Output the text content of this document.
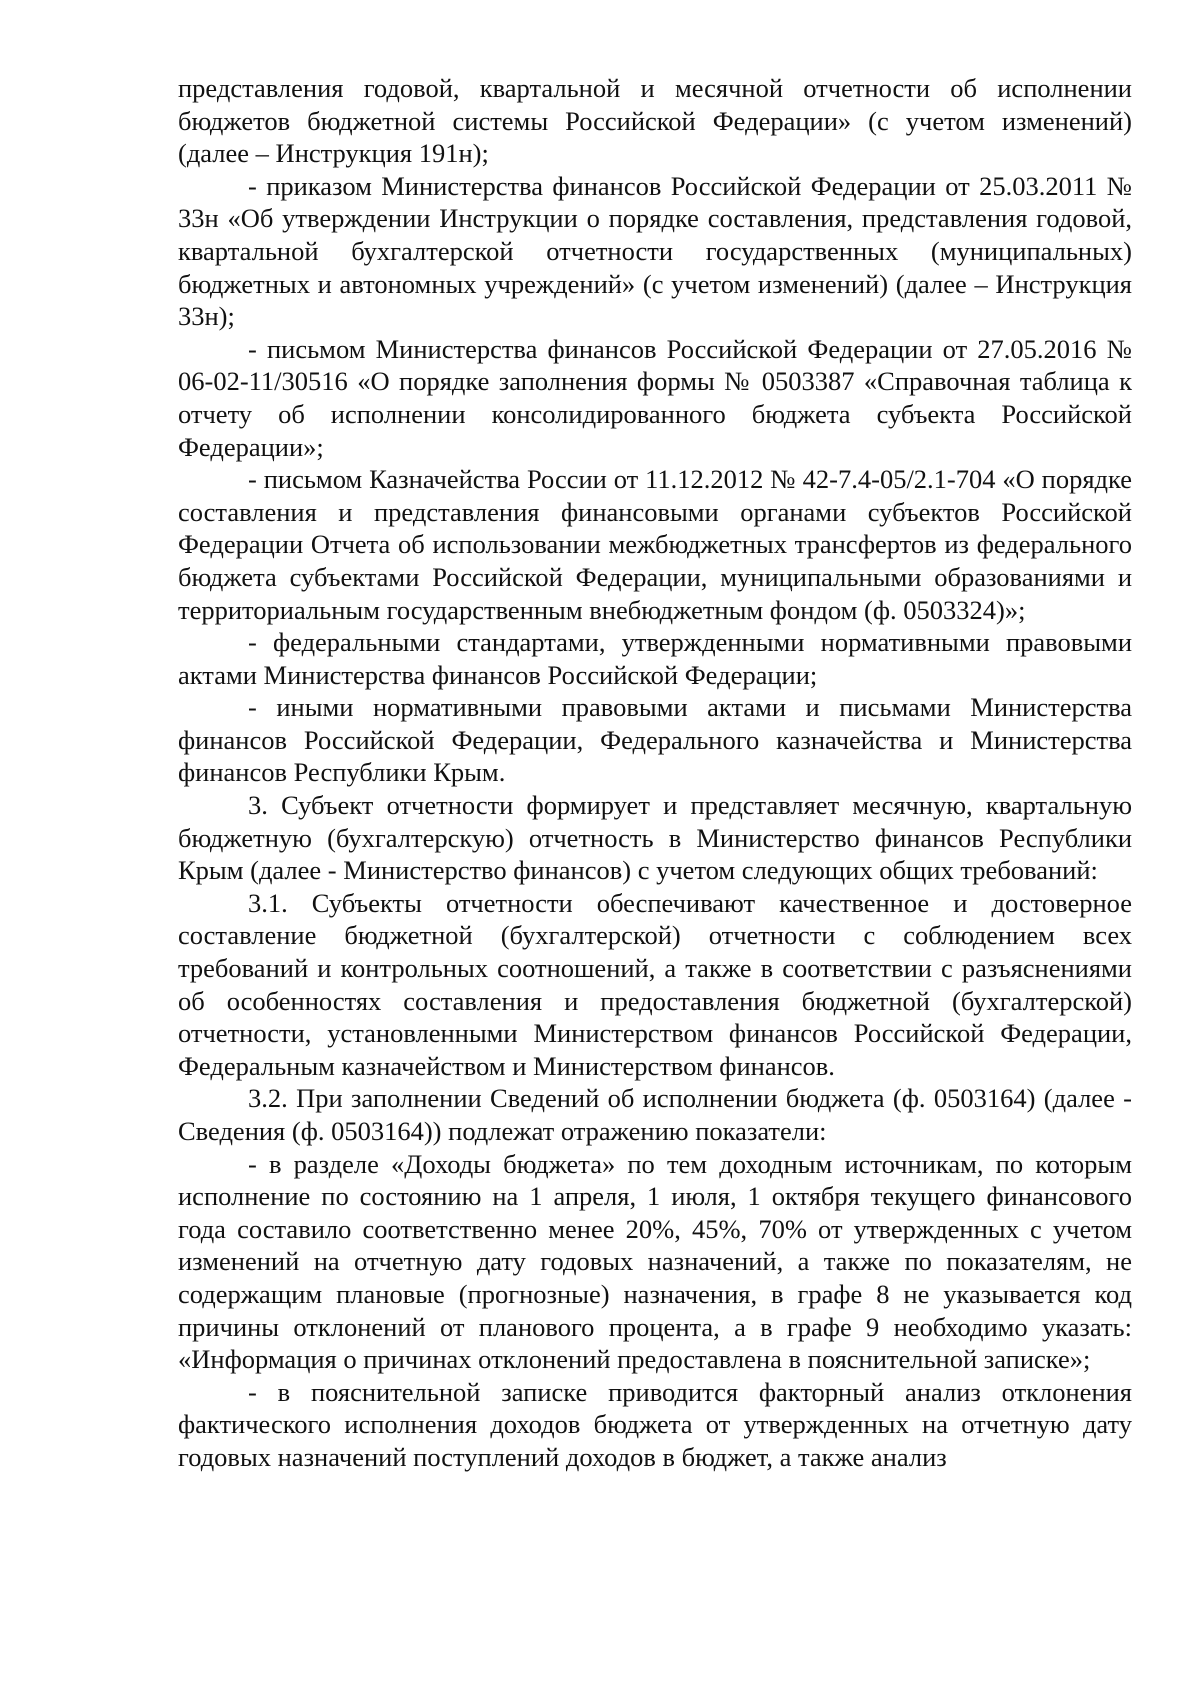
представления годовой, квартальной и месячной отчетности об исполнении бюджетов бюджетной системы Российской Федерации» (с учетом изменений) (далее – Инструкция 191н);

- приказом Министерства финансов Российской Федерации от 25.03.2011 № 33н «Об утверждении Инструкции о порядке составления, представления годовой, квартальной бухгалтерской отчетности государственных (муниципальных) бюджетных и автономных учреждений» (с учетом изменений) (далее – Инструкция 33н);

- письмом Министерства финансов Российской Федерации от 27.05.2016 № 06-02-11/30516 «О порядке заполнения формы № 0503387 «Справочная таблица к отчету об исполнении консолидированного бюджета субъекта Российской Федерации»;

- письмом Казначейства России от 11.12.2012 № 42-7.4-05/2.1-704 «О порядке составления и представления финансовыми органами субъектов Российской Федерации Отчета об использовании межбюджетных трансфертов из федерального бюджета субъектами Российской Федерации, муниципальными образованиями и территориальным государственным внебюджетным фондом (ф. 0503324)»;

- федеральными стандартами, утвержденными нормативными правовыми актами Министерства финансов Российской Федерации;

- иными нормативными правовыми актами и письмами Министерства финансов Российской Федерации, Федерального казначейства и Министерства финансов Республики Крым.

3. Субъект отчетности формирует и представляет месячную, квартальную бюджетную (бухгалтерскую) отчетность в Министерство финансов Республики Крым (далее - Министерство финансов) с учетом следующих общих требований:

3.1. Субъекты отчетности обеспечивают качественное и достоверное составление бюджетной (бухгалтерской) отчетности с соблюдением всех требований и контрольных соотношений, а также в соответствии с разъяснениями об особенностях составления и предоставления бюджетной (бухгалтерской) отчетности, установленными Министерством финансов Российской Федерации, Федеральным казначейством и Министерством финансов.

3.2. При заполнении Сведений об исполнении бюджета (ф. 0503164) (далее - Сведения (ф. 0503164)) подлежат отражению показатели:

- в разделе «Доходы бюджета» по тем доходным источникам, по которым исполнение по состоянию на 1 апреля, 1 июля, 1 октября текущего финансового года составило соответственно менее 20%, 45%, 70% от утвержденных с учетом изменений на отчетную дату годовых назначений, а также по показателям, не содержащим плановые (прогнозные) назначения, в графе 8 не указывается код причины отклонений от планового процента, а в графе 9 необходимо указать: «Информация о причинах отклонений предоставлена в пояснительной записке»;

- в пояснительной записке приводится факторный анализ отклонения фактического исполнения доходов бюджета от утвержденных на отчетную дату годовых назначений поступлений доходов в бюджет, а также анализ
